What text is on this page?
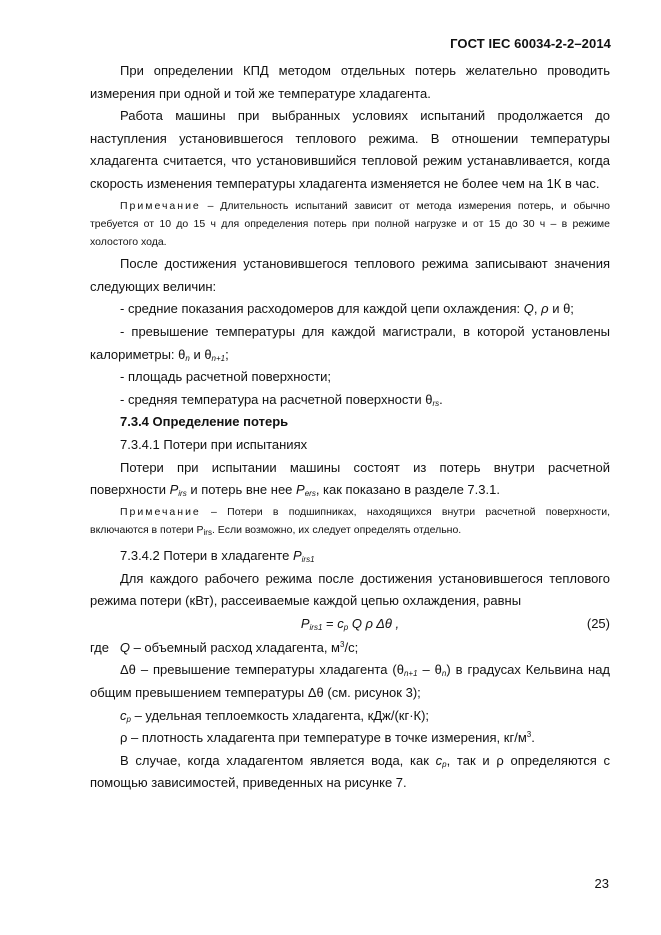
ГОСТ IEC 60034-2-2–2014

При определении КПД методом отдельных потерь желательно проводить измерения при одной и той же температуре хладагента.

Работа машины при выбранных условиях испытаний продолжается до наступления установившегося теплового режима. В отношении температуры хладагента считается, что установившийся тепловой режим устанавливается, когда скорость изменения температуры хладагента изменяется не более чем на 1К в час.

Примечание – Длительность испытаний зависит от метода измерения потерь, и обычно требуется от 10 до 15 ч для определения потерь при полной нагрузке и от 15 до 30 ч – в режиме холостого хода.

После достижения установившегося теплового режима записывают значения следующих величин:

- средние показания расходомеров для каждой цепи охлаждения: Q, ρ и θ;

- превышение температуры для каждой магистрали, в которой установлены калориметры: $\theta_n$ и $\theta_{n+1}$;

- площадь расчетной поверхности;

- средняя температура на расчетной поверхности $\theta_{rs}$.

7.3.4 Определение потерь

7.3.4.1 Потери при испытаниях

Потери при испытании машины состоят из потерь внутри расчетной поверхности $P_{irs}$ и потерь вне нее $P_{ers}$, как показано в разделе 7.3.1.

Примечание – Потери в подшипниках, находящихся внутри расчетной поверхности, включаются в потери $P_{irs}$. Если возможно, их следует определять отдельно.

7.3.4.2 Потери в хладагенте $P_{irs1}$

Для каждого рабочего режима после достижения установившегося теплового режима потери (кВт), рассеиваемые каждой цепью охлаждения, равны

$P_{irs1} = c_p$ Q ρ Δθ ,	(25)

где Q – объемный расход хладагента, $м^3/с$;

Δθ – превышение температуры хладагента $(\theta_{n+1} - \theta_n)$ в градусах Кельвина над общим превышением температуры Δθ (см. рисунок 3);

$c_p$ – удельная теплоемкость хладагента, кДж/(кг·К);

ρ – плотность хладагента при температуре в точке измерения, $кг/м^3$.

В случае, когда хладагентом является вода, как $c_p$, так и ρ определяются с помощью зависимостей, приведенных на рисунке 7.

23
